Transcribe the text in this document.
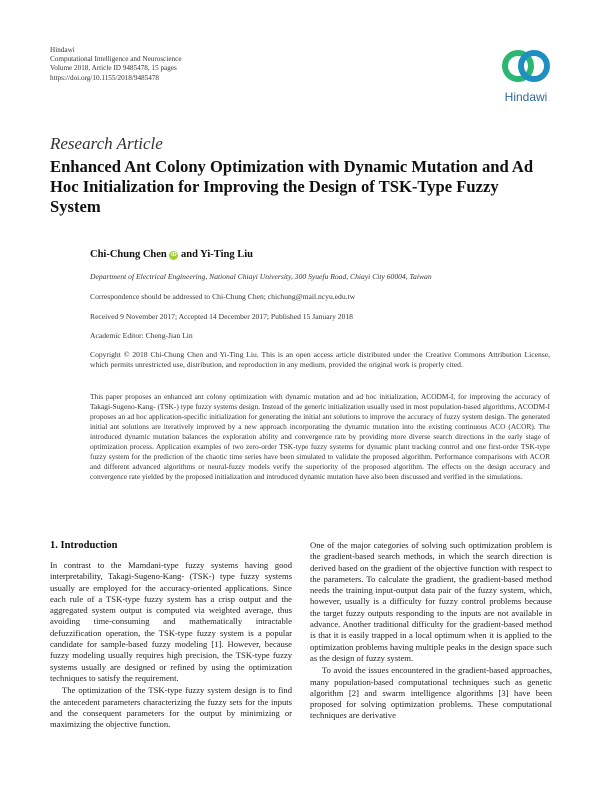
Hindawi
Computational Intelligence and Neuroscience
Volume 2018, Article ID 9485478, 15 pages
https://doi.org/10.1155/2018/9485478
Hindawi
Research Article
Enhanced Ant Colony Optimization with Dynamic Mutation and Ad Hoc Initialization for Improving the Design of TSK-Type Fuzzy System
Chi-Chung Chen iD and Yi-Ting Liu
Department of Electrical Engineering, National Chiayi University, 300 Syuefu Road, Chiayi City 60004, Taiwan
Correspondence should be addressed to Chi-Chung Chen; chichung@mail.ncyu.edu.tw
Received 9 November 2017; Accepted 14 December 2017; Published 15 January 2018
Academic Editor: Cheng-Jian Lin

Copyright © 2018 Chi-Chung Chen and Yi-Ting Liu. This is an open access article distributed under the Creative Commons Attribution License, which permits unrestricted use, distribution, and reproduction in any medium, provided the original work is properly cited.

This paper proposes an enhanced ant colony optimization with dynamic mutation and ad hoc initialization, ACODM-I, for improving the accuracy of Takagi-Sugeno-Kang- (TSK-) type fuzzy systems design. Instead of the generic initialization usually used in most population-based algorithms, ACODM-I proposes an ad hoc application-specific initialization for generating the initial ant solutions to improve the accuracy of fuzzy system design. The generated initial ant solutions are iteratively improved by a new approach incorporating the dynamic mutation into the existing continuous ACO (ACOR). The introduced dynamic mutation balances the exploration ability and convergence rate by providing more diverse search directions in the early stage of optimization process. Application examples of two zero-order TSK-type fuzzy systems for dynamic plant tracking control and one first-order TSK-type fuzzy system for the prediction of the chaotic time series have been simulated to validate the proposed algorithm. Performance comparisons with ACOR and different advanced algorithms or neural-fuzzy models verify the superiority of the proposed algorithm. The effects on the design accuracy and convergence rate yielded by the proposed initialization and introduced dynamic mutation have also been discussed and verified in the simulations.

1. Introduction

In contrast to the Mamdani-type fuzzy systems having good interpretability, Takagi-Sugeno-Kang- (TSK-) type fuzzy systems usually are employed for the accuracy-oriented applications. Since each rule of a TSK-type fuzzy system has a crisp output and the aggregated system output is computed via weighted average, thus avoiding time-consuming and mathematically intractable defuzzification operation, the TSK-type fuzzy system is a popular candidate for sample-based fuzzy modeling [1]. However, because fuzzy modeling usually requires high precision, the TSK-type fuzzy systems usually are designed or refined by using the optimization techniques to satisfy the requirement.

The optimization of the TSK-type fuzzy system design is to find the antecedent parameters characterizing the fuzzy sets for the inputs and the consequent parameters for the output by minimizing or maximizing the objective function.

One of the major categories of solving such optimization problem is the gradient-based search methods, in which the search direction is derived based on the gradient of the objective function with respect to the parameters. To calculate the gradient, the gradient-based method needs the training input-output data pair of the fuzzy system, which, however, usually is a difficulty for fuzzy control problems because the target fuzzy outputs responding to the inputs are not available in advance. Another traditional difficulty for the gradient-based method is that it is easily trapped in a local optimum when it is applied to the optimization problems having multiple peaks in the design space such as the design of fuzzy system.

To avoid the issues encountered in the gradient-based approaches, many population-based computational techniques such as genetic algorithm [2] and swarm intelligence algorithms [3] have been proposed for solving optimization problems. These computational techniques are derivative
